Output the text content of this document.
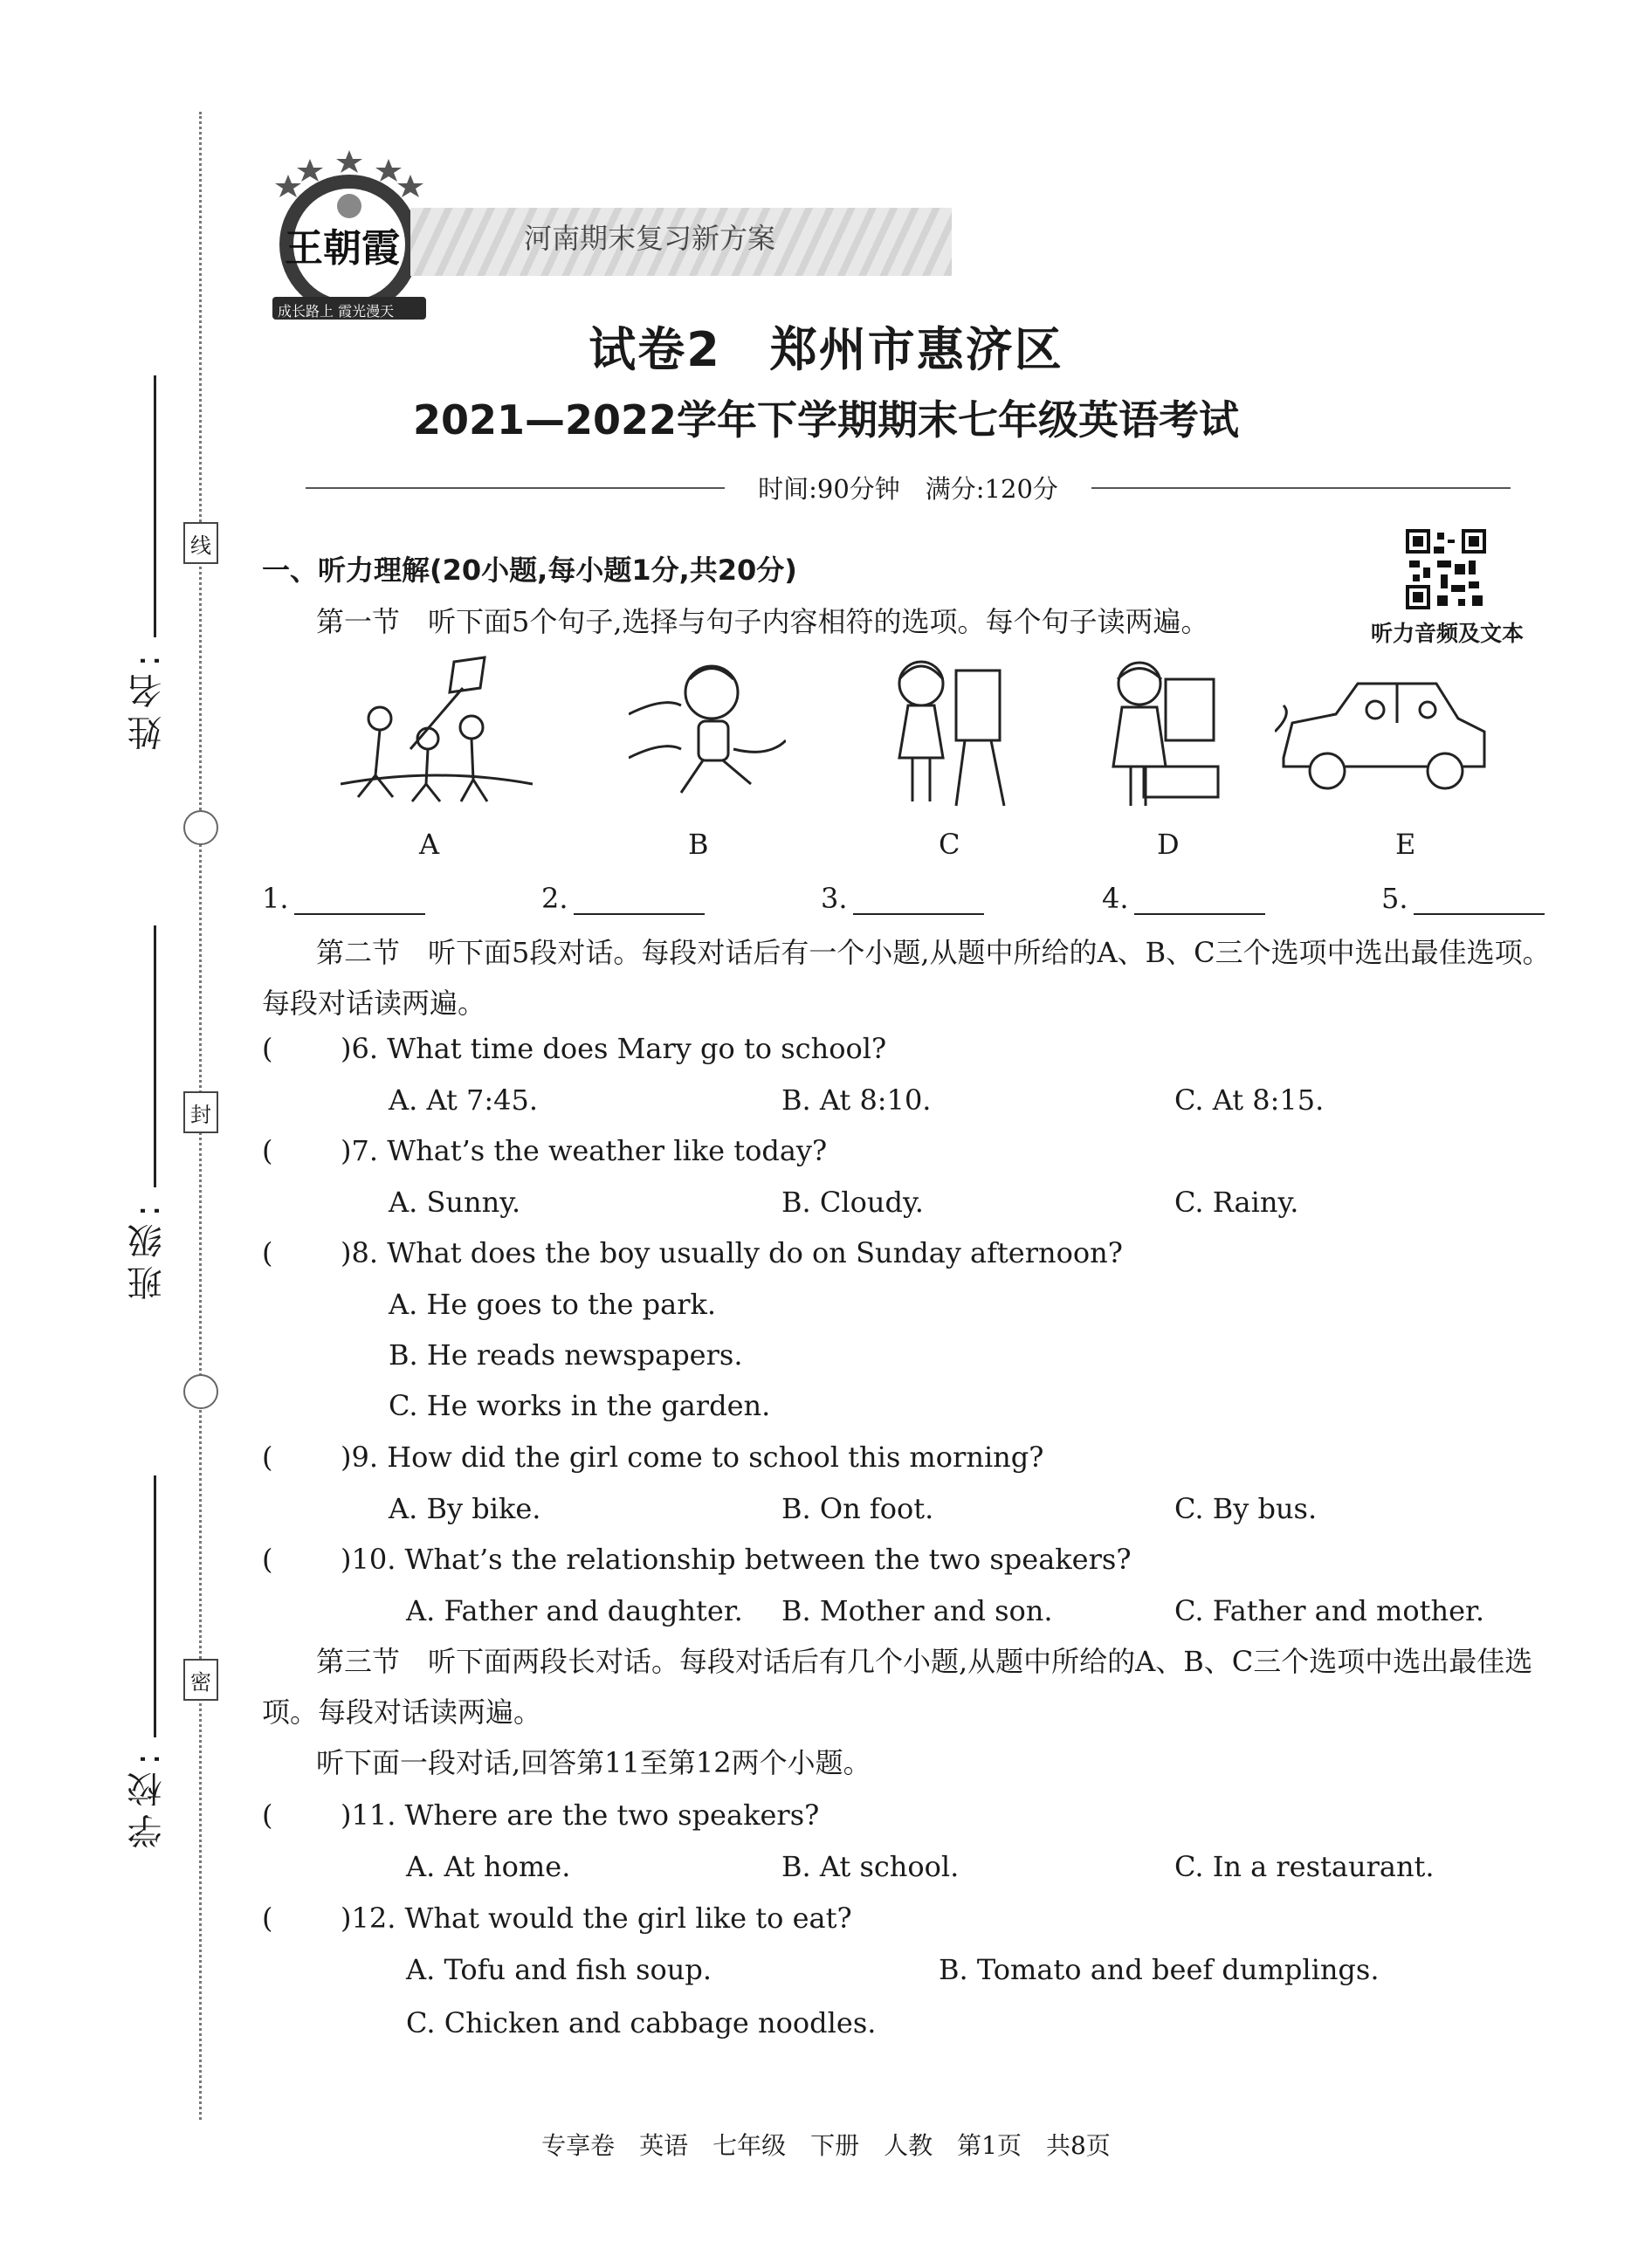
线
封
密
姓名:
班级:
学校:
王朝霞
成长路上 霞光漫天
河南期末复习新方案
试卷2　郑州市惠济区
2021—2022学年下学期期末七年级英语考试
时间:90分钟　满分:120分
听力音频及文本
一、听力理解(20小题,每小题1分,共20分)
第一节　听下面5个句子,选择与句子内容相符的选项。每个句子读两遍。
A	B	C	D	E
1.	2.	3.	4.	5.
第二节　听下面5段对话。每段对话后有一个小题,从题中所给的A、B、C三个选项中选出最佳选项。每段对话读两遍。
( )6. What time does Mary go to school?
A. At 7:45.	B. At 8:10.	C. At 8:15.
( )7. What’s the weather like today?
A. Sunny.	B. Cloudy.	C. Rainy.
( )8. What does the boy usually do on Sunday afternoon?
A. He goes to the park.
B. He reads newspapers.
C. He works in the garden.
( )9. How did the girl come to school this morning?
A. By bike.	B. On foot.	C. By bus.
( )10. What’s the relationship between the two speakers?
A. Father and daughter. B. Mother and son.	C. Father and mother.
第三节　听下面两段长对话。每段对话后有几个小题,从题中所给的A、B、C三个选项中选出最佳选项。每段对话读两遍。
听下面一段对话,回答第11至第12两个小题。
( )11. Where are the two speakers?
A. At home.	B. At school.	C. In a restaurant.
( )12. What would the girl like to eat?
A. Tofu and fish soup.	B. Tomato and beef dumplings.
C. Chicken and cabbage noodles.
专享卷　英语　七年级　下册　人教　第1页　共8页
